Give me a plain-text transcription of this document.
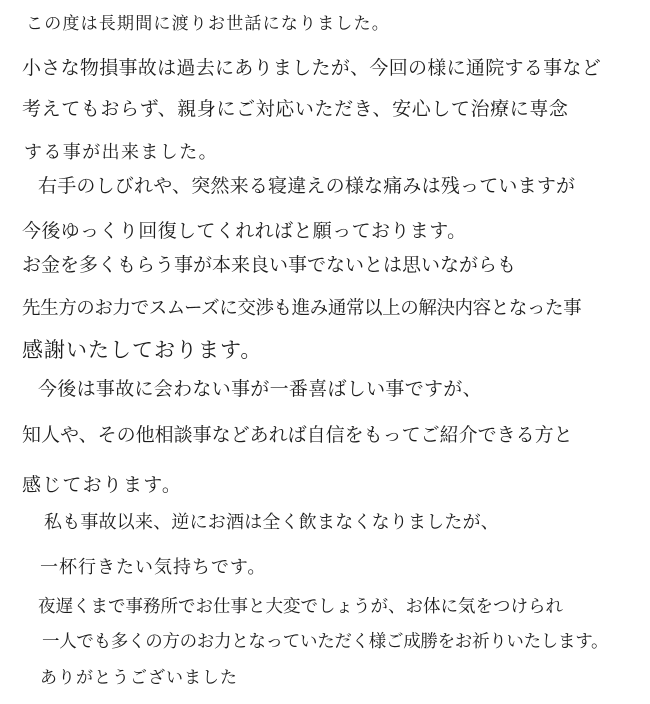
この度は長期間に渡りお世話になりました。
小さな物損事故は過去にありましたが、今回の様に通院する事など
考えてもおらず、親身にご対応いただき、安心して治療に専念
する事が出来ました。
右手のしびれや、突然来る寝違えの様な痛みは残っていますが
今後ゆっくり回復してくれればと願っております。
お金を多くもらう事が本来良い事でないとは思いながらも
先生方のお力でスムーズに交渉も進み通常以上の解決内容となった事
感謝いたしております。
今後は事故に会わない事が一番喜ばしい事ですが、
知人や、その他相談事などあれば自信をもってご紹介できる方と
感じております。
私も事故以来、逆にお酒は全く飲まなくなりましたが、
一杯行きたい気持ちです。
夜遅くまで事務所でお仕事と大変でしょうが、お体に気をつけられ
一人でも多くの方のお力となっていただく様ご成勝をお祈りいたします。
ありがとうございました
